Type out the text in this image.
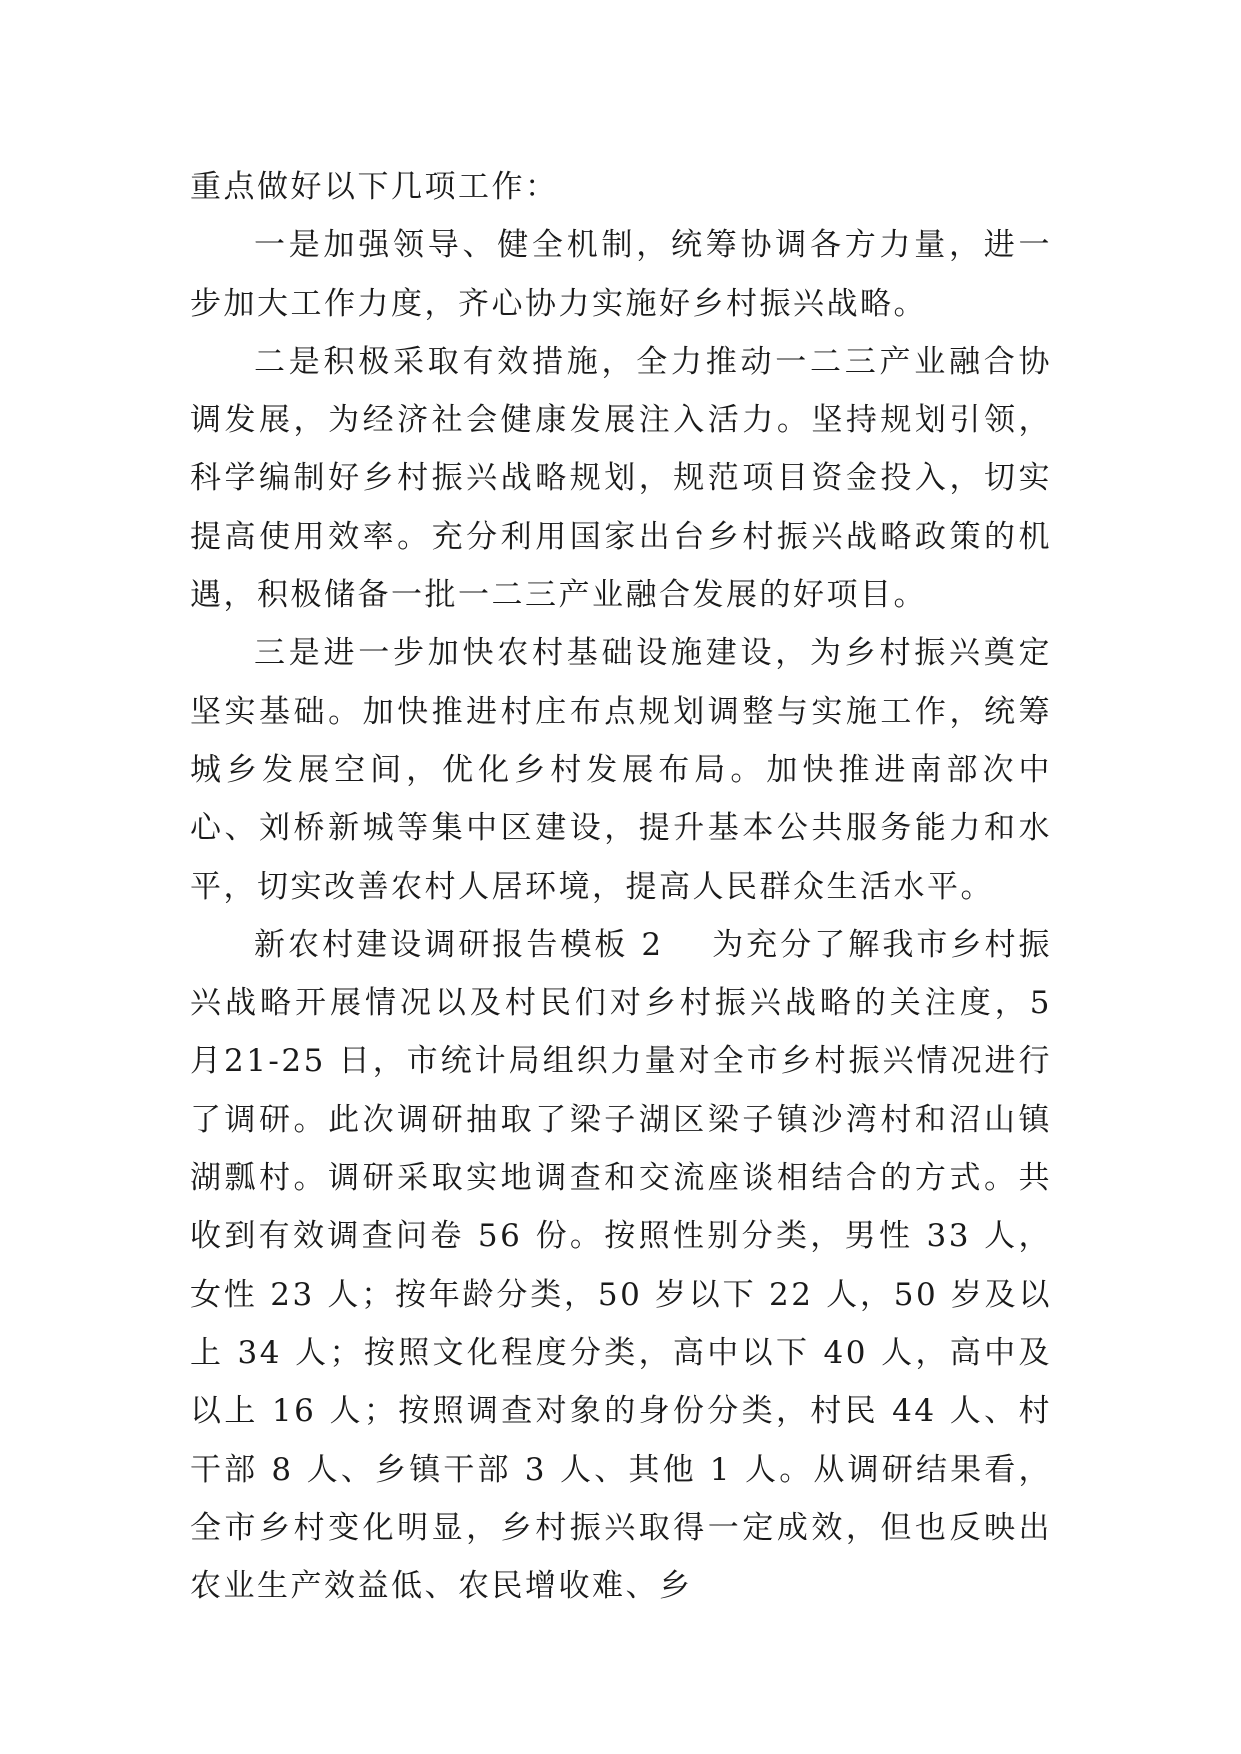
重点做好以下几项工作：

一是加强领导、健全机制，统筹协调各方力量，进一步加大工作力度，齐心协力实施好乡村振兴战略。

二是积极采取有效措施，全力推动一二三产业融合协调发展，为经济社会健康发展注入活力。坚持规划引领，科学编制好乡村振兴战略规划，规范项目资金投入，切实提高使用效率。充分利用国家出台乡村振兴战略政策的机遇，积极储备一批一二三产业融合发展的好项目。

三是进一步加快农村基础设施建设，为乡村振兴奠定坚实基础。加快推进村庄布点规划调整与实施工作，统筹城乡发展空间，优化乡村发展布局。加快推进南部次中心、刘桥新城等集中区建设，提升基本公共服务能力和水平，切实改善农村人居环境，提高人民群众生活水平。

新农村建设调研报告模板 2 为充分了解我市乡村振兴战略开展情况以及村民们对乡村振兴战略的关注度，5 月21-25 日，市统计局组织力量对全市乡村振兴情况进行了调研。此次调研抽取了梁子湖区梁子镇沙湾村和沼山镇湖瓢村。调研采取实地调查和交流座谈相结合的方式。共收到有效调查问卷 56 份。按照性别分类，男性 33 人，女性 23 人；按年龄分类，50 岁以下 22 人，50 岁及以上 34 人；按照文化程度分类，高中以下 40 人，高中及以上 16 人；按照调查对象的身份分类，村民 44 人、村干部 8 人、乡镇干部 3 人、其他 1 人。从调研结果看，全市乡村变化明显，乡村振兴取得一定成效，但也反映出农业生产效益低、农民增收难、乡
